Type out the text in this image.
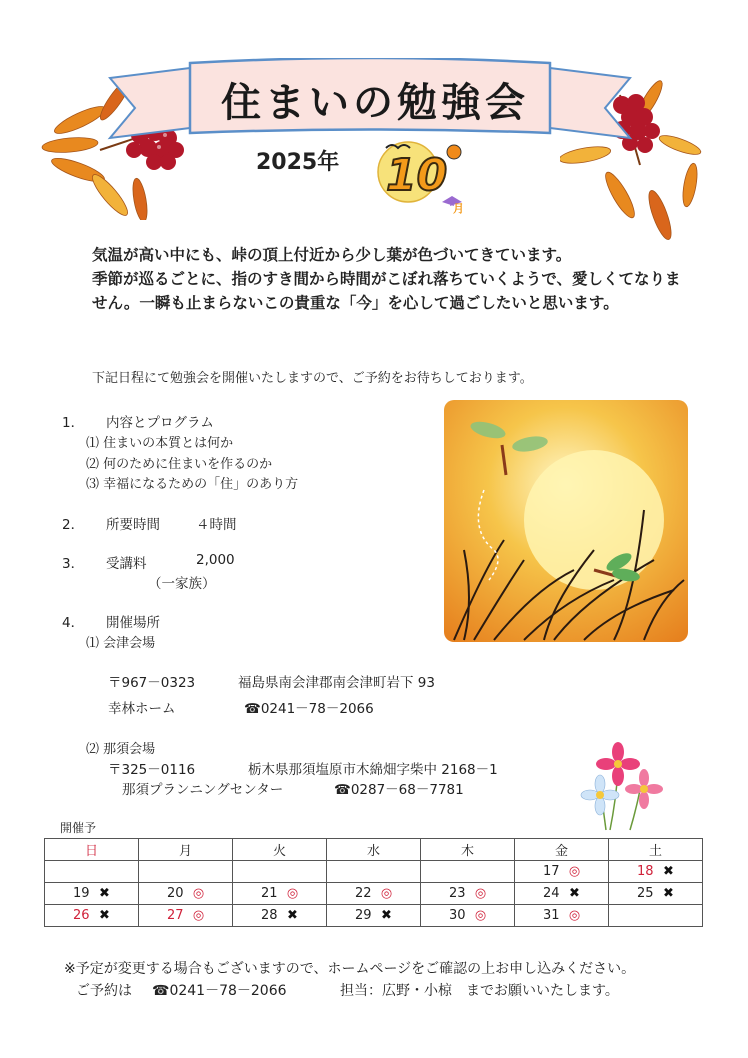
住まいの勉強会
2025年 10
月
気温が高い中にも、峠の頂上付近から少し葉が色づいてきています。
季節が巡るごとに、指のすき間から時間がこぼれ落ちていくようで、愛しくてなりま
せん。一瞬も止まらないこの貴重な「今」を心して過ごしたいと思います。
下記日程にて勉強会を開催いたしますので、ご予約をお待ちしております。
1． 内容とプログラム
⑴ 住まいの本質とは何か
⑵ 何のために住まいを作るのか
⑶ 幸福になるための「住」のあり方
2． 所要時間	４時間
3． 受講料	2,000
（一家族）
4． 開催場所
⑴ 会津会場
〒967－0323	福島県南会津郡南会津町岩下 93
幸林ホーム	☎0241－78－2066
⑵ 那須会場
〒325－0116	栃木県那須塩原市木綿畑字柴中 2168－1
那須プランニングセンター	☎0287－68－7781
開催予
日	月	火	水	木	金	土
					17 ◎	18 ✖
19 ✖	20 ◎	21 ◎	22 ◎	23 ◎	24 ✖	25 ✖
26 ✖	27 ◎	28 ✖	29 ✖	30 ◎	31 ◎	
※予定が変更する場合もございますので、ホームページをご確認の上お申し込みください。
ご予約は ☎0241－78－2066	担当：広野・小椋　までお願いいたします。
